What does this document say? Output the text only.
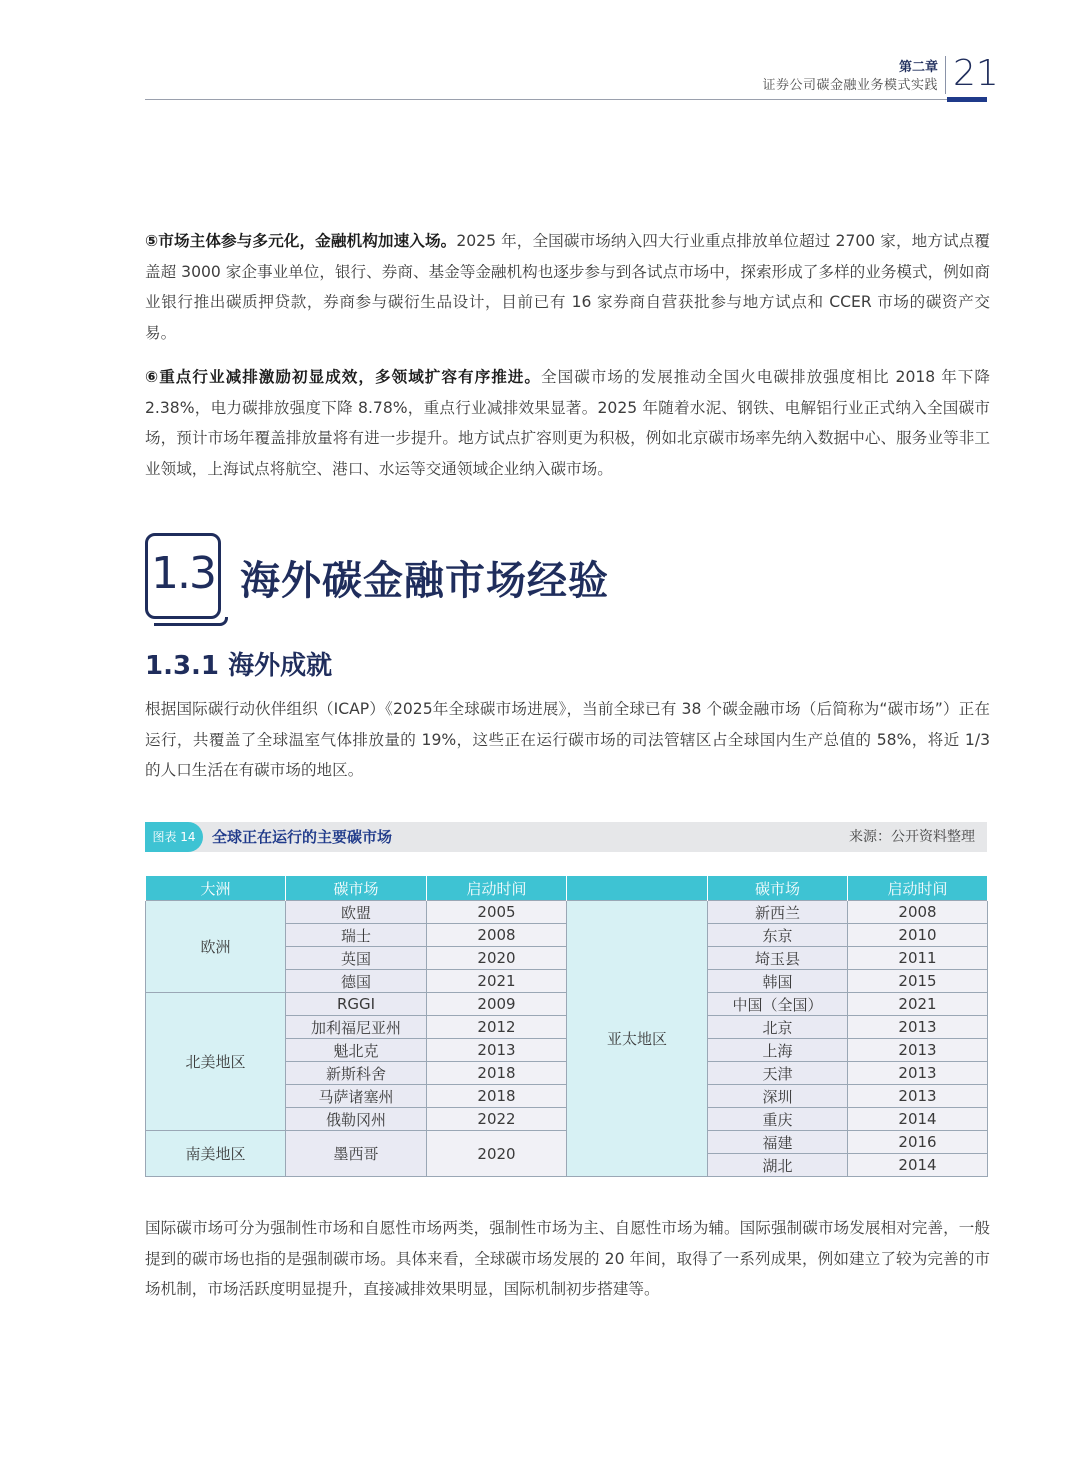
第二章
证券公司碳金融业务模式实践 21

⑤市场主体参与多元化，金融机构加速入场。2025 年，全国碳市场纳入四大行业重点排放单位超过 2700 家，地方试点覆盖超 3000 家企事业单位，银行、券商、基金等金融机构也逐步参与到各试点市场中，探索形成了多样的业务模式，例如商业银行推出碳质押贷款，券商参与碳衍生品设计，目前已有 16 家券商自营获批参与地方试点和 CCER 市场的碳资产交易。

⑥重点行业减排激励初显成效，多领域扩容有序推进。全国碳市场的发展推动全国火电碳排放强度相比 2018 年下降 2.38%，电力碳排放强度下降 8.78%，重点行业减排效果显著。2025 年随着水泥、钢铁、电解铝行业正式纳入全国碳市场，预计市场年覆盖排放量将有进一步提升。地方试点扩容则更为积极，例如北京碳市场率先纳入数据中心、服务业等非工业领域，上海试点将航空、港口、水运等交通领域企业纳入碳市场。

1.3 海外碳金融市场经验
1.3.1 海外成就

根据国际碳行动伙伴组织（ICAP）《2025年全球碳市场进展》，当前全球已有 38 个碳金融市场（后简称为“碳市场”）正在运行，共覆盖了全球温室气体排放量的 19%，这些正在运行碳市场的司法管辖区占全球国内生产总值的 58%，将近 1/3 的人口生活在有碳市场的地区。

图表 14	全球正在运行的主要碳市场	来源：公开资料整理
大洲	碳市场	启动时间		碳市场	启动时间
欧洲	欧盟	2005	亚太地区	新西兰	2008
	瑞士	2008		东京	2010
	英国	2020		埼玉县	2011
	德国	2021		韩国	2015
北美地区	RGGI	2009		中国（全国）	2021
	加利福尼亚州	2012		北京	2013
	魁北克	2013		上海	2013
	新斯科舍	2018		天津	2013
	马萨诸塞州	2018		深圳	2013
	俄勒冈州	2022		重庆	2014
南美地区	墨西哥	2020		福建	2016
				湖北	2014

国际碳市场可分为强制性市场和自愿性市场两类，强制性市场为主、自愿性市场为辅。国际强制碳市场发展相对完善，一般提到的碳市场也指的是强制碳市场。具体来看，全球碳市场发展的 20 年间，取得了一系列成果，例如建立了较为完善的市场机制，市场活跃度明显提升，直接减排效果明显，国际机制初步搭建等。
